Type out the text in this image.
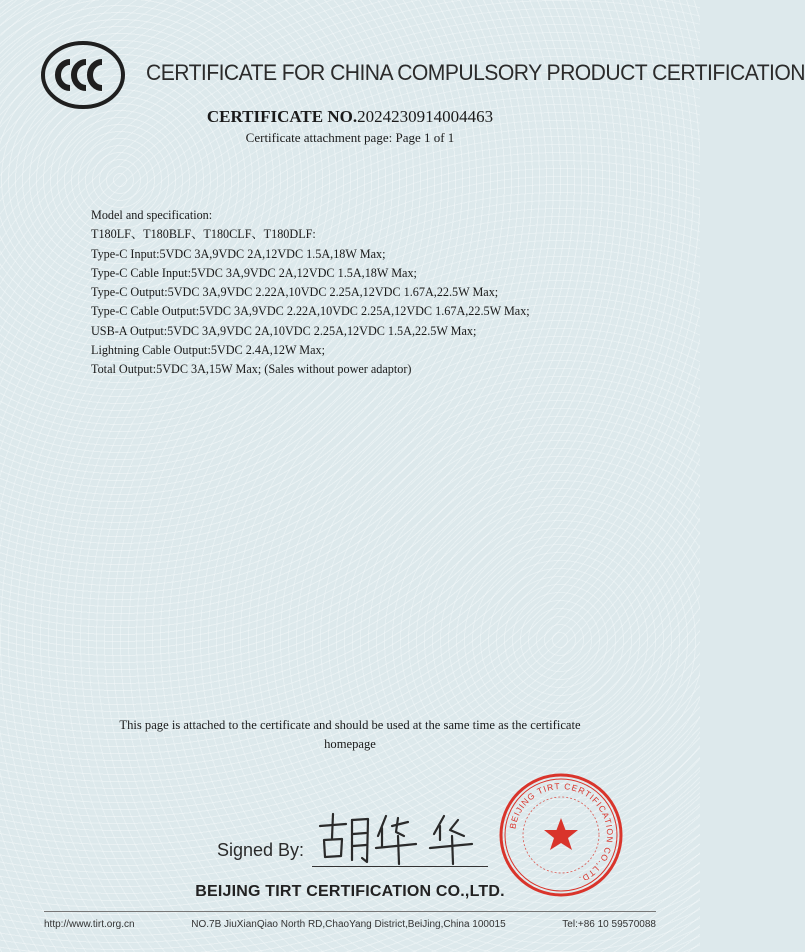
CERTIFICATE FOR CHINA COMPULSORY PRODUCT CERTIFICATION
CERTIFICATE NO.2024230914004463
Certificate attachment page: Page 1 of 1
Model and specification:
T180LF、T180BLF、T180CLF、T180DLF:
Type-C Input:5VDC 3A,9VDC 2A,12VDC 1.5A,18W Max;
Type-C Cable Input:5VDC 3A,9VDC 2A,12VDC 1.5A,18W Max;
Type-C Output:5VDC 3A,9VDC 2.22A,10VDC 2.25A,12VDC 1.67A,22.5W Max;
Type-C Cable Output:5VDC 3A,9VDC 2.22A,10VDC 2.25A,12VDC 1.67A,22.5W Max;
USB-A Output:5VDC 3A,9VDC 2A,10VDC 2.25A,12VDC 1.5A,22.5W Max;
Lightning Cable Output:5VDC 2.4A,12W Max;
Total Output:5VDC 3A,15W Max; (Sales without power adaptor)
This page is attached to the certificate and should be used at the same time as the certificate
homepage
Signed By:
BEIJING TIRT CERTIFICATION CO.,LTD.
BEIJING TIRT CERTIFICATION CO.,LTD.
http://www.tirt.org.cn	NO.7B JiuXianQiao North RD,ChaoYang District,BeiJing,China 100015	Tel:+86 10 59570088
